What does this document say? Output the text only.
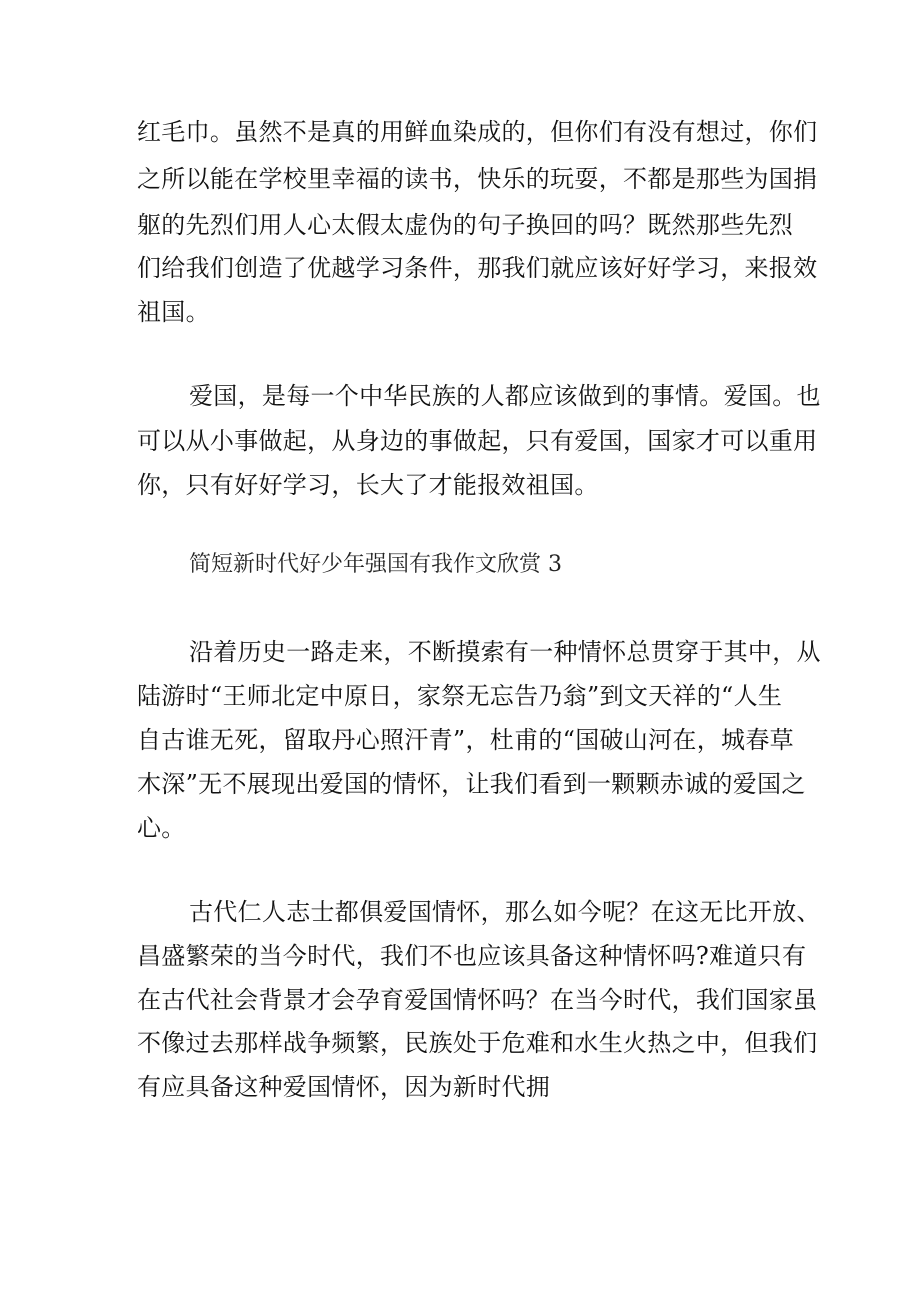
红毛巾。虽然不是真的用鲜血染成的，但你们有没有想过，你们
之所以能在学校里幸福的读书，快乐的玩耍，不都是那些为国捐
躯的先烈们用人心太假太虚伪的句子换回的吗？既然那些先烈
们给我们创造了优越学习条件，那我们就应该好好学习，来报效
祖国。
爱国，是每一个中华民族的人都应该做到的事情。爱国。也
可以从小事做起，从身边的事做起，只有爱国，国家才可以重用
你，只有好好学习，长大了才能报效祖国。
简短新时代好少年强国有我作文欣赏 3
沿着历史一路走来，不断摸索有一种情怀总贯穿于其中，从
陆游时“王师北定中原日，家祭无忘告乃翁”到文天祥的“人生
自古谁无死，留取丹心照汗青”，杜甫的“国破山河在，城春草
木深”无不展现出爱国的情怀，让我们看到一颗颗赤诚的爱国之
心。
古代仁人志士都俱爱国情怀，那么如今呢？在这无比开放、
昌盛繁荣的当今时代，我们不也应该具备这种情怀吗?难道只有
在古代社会背景才会孕育爱国情怀吗？在当今时代，我们国家虽
不像过去那样战争频繁，民族处于危难和水生火热之中，但我们
有应具备这种爱国情怀，因为新时代拥
